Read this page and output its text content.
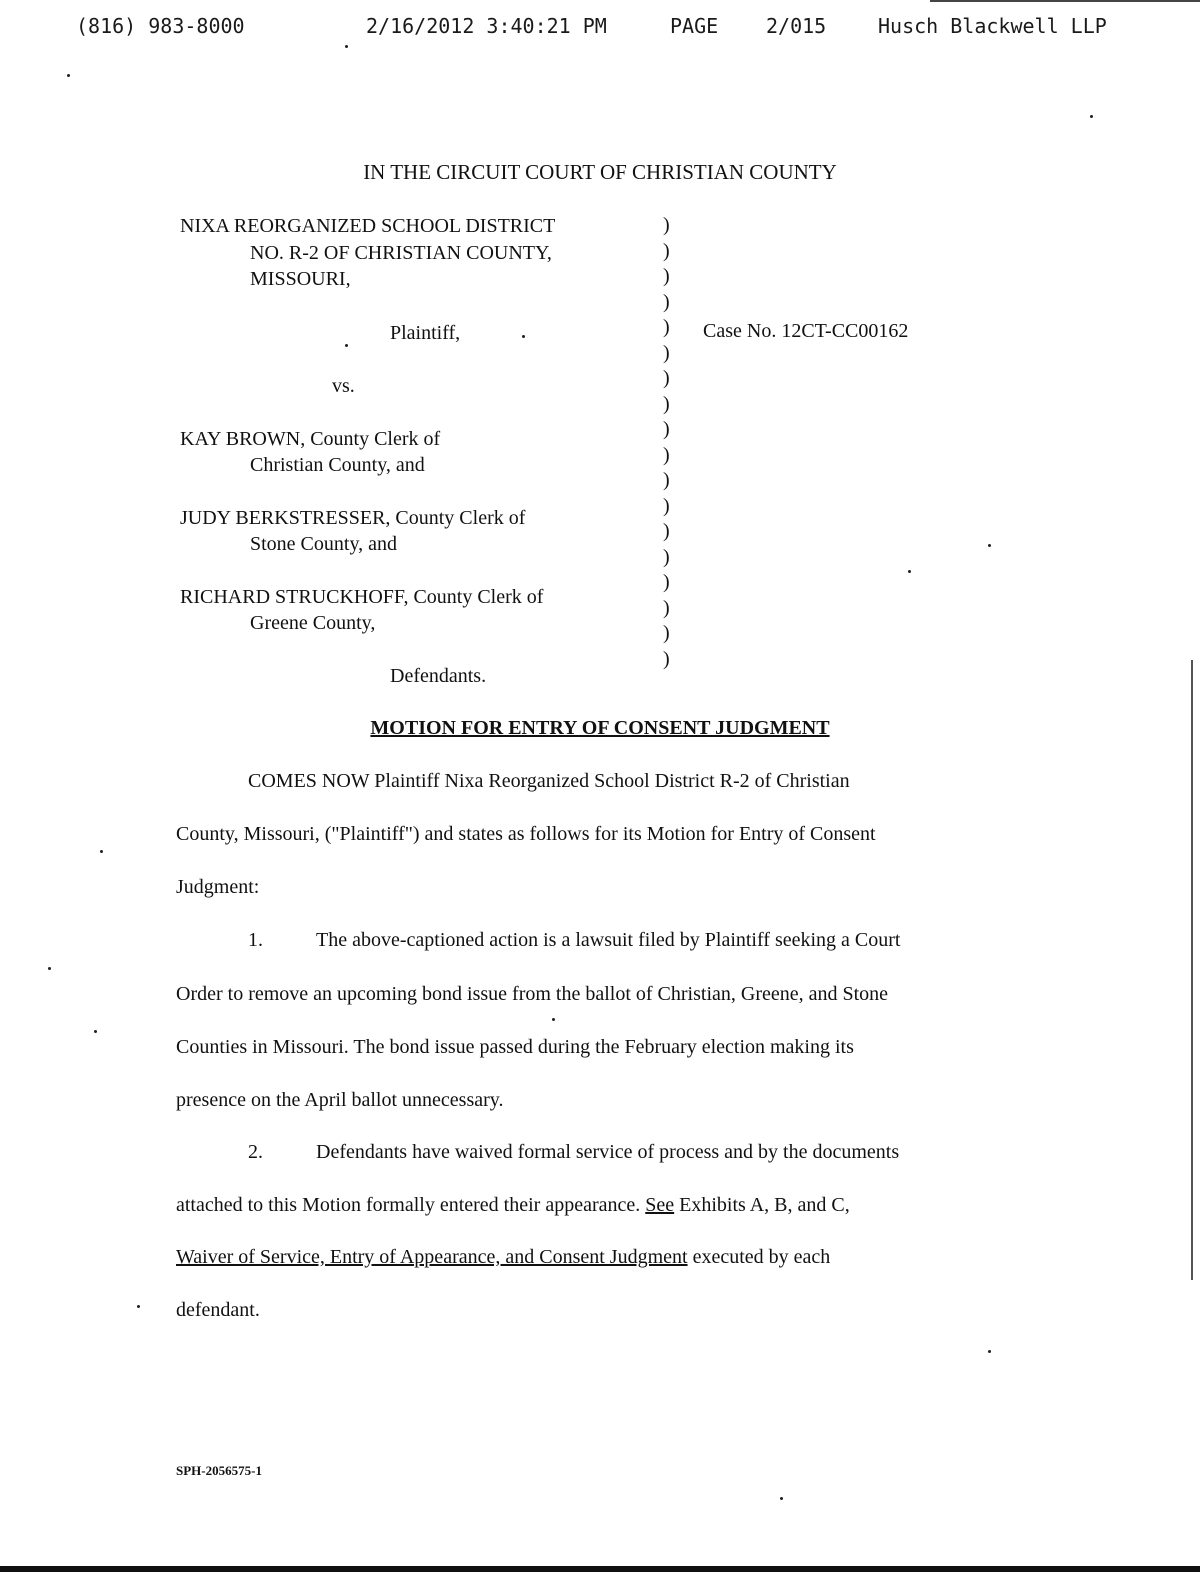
(816) 983-8000	2/16/2012 3:40:21 PM	PAGE 2/015	Husch Blackwell LLP
IN THE CIRCUIT COURT OF CHRISTIAN COUNTY
NIXA REORGANIZED SCHOOL DISTRICT
NO. R-2 OF CHRISTIAN COUNTY,
MISSOURI,
Plaintiff,
vs.
KAY BROWN, County Clerk of
Christian County, and
JUDY BERKSTRESSER, County Clerk of
Stone County, and
RICHARD STRUCKHOFF, County Clerk of
Greene County,
Defendants.
)
)
)
)
)
)
)
)
)
)
)
)
)
)
)
)
)
)
Case No. 12CT-CC00162
MOTION FOR ENTRY OF CONSENT JUDGMENT
COMES NOW Plaintiff Nixa Reorganized School District R-2 of Christian
County, Missouri, ("Plaintiff") and states as follows for its Motion for Entry of Consent
Judgment:
1.	The above-captioned action is a lawsuit filed by Plaintiff seeking a Court
Order to remove an upcoming bond issue from the ballot of Christian, Greene, and Stone
Counties in Missouri. The bond issue passed during the February election making its
presence on the April ballot unnecessary.
2.	Defendants have waived formal service of process and by the documents
attached to this Motion formally entered their appearance. See Exhibits A, B, and C,
Waiver of Service, Entry of Appearance, and Consent Judgment executed by each
defendant.
SPH-2056575-1
